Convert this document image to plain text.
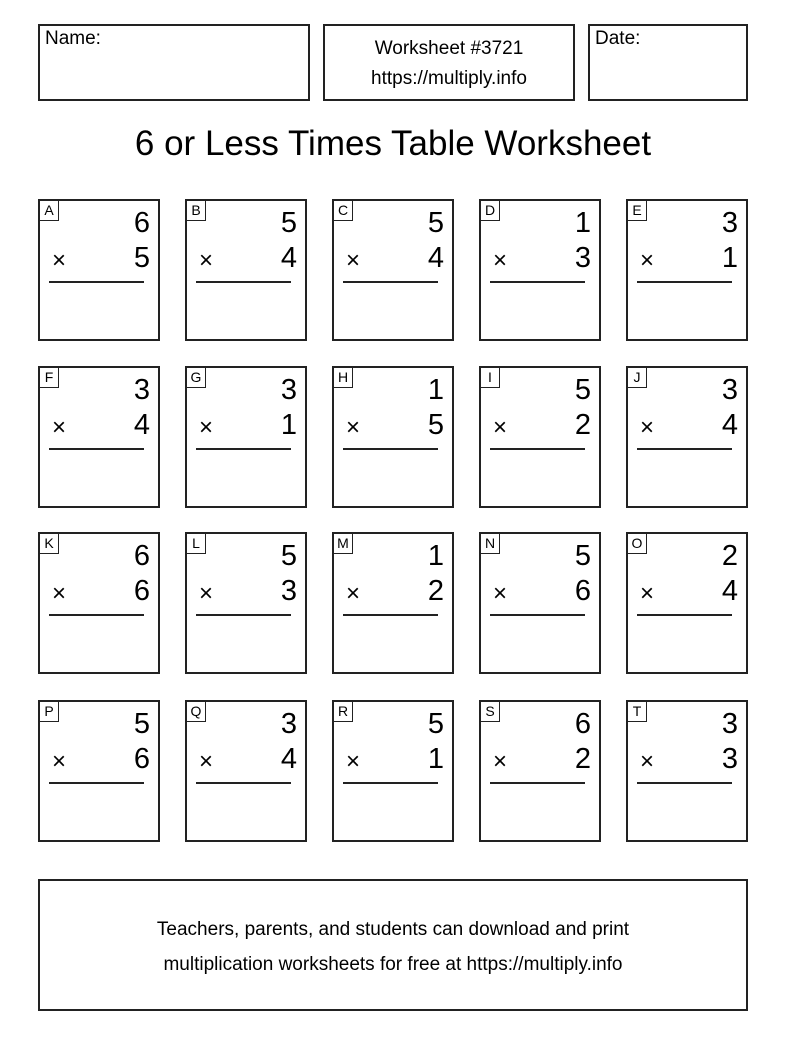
Name:	Worksheet #3721
https://multiply.info
Date:
6 or Less Times Table Worksheet
A	6
× 5
B	5
× 4
C	5
× 4
D	1
× 3
E	3
× 1
F	3
× 4
G	3
× 1
H	1
× 5
I	5
× 2
J	3
× 4
K	6
× 6
L	5
× 3
M	1
× 2
N	5
× 6
O	2
× 4
P	5
× 6
Q	3
× 4
R	5
× 1
S	6
× 2
T	3
× 3
Teachers, parents, and students can download and print
multiplication worksheets for free at https://multiply.info
